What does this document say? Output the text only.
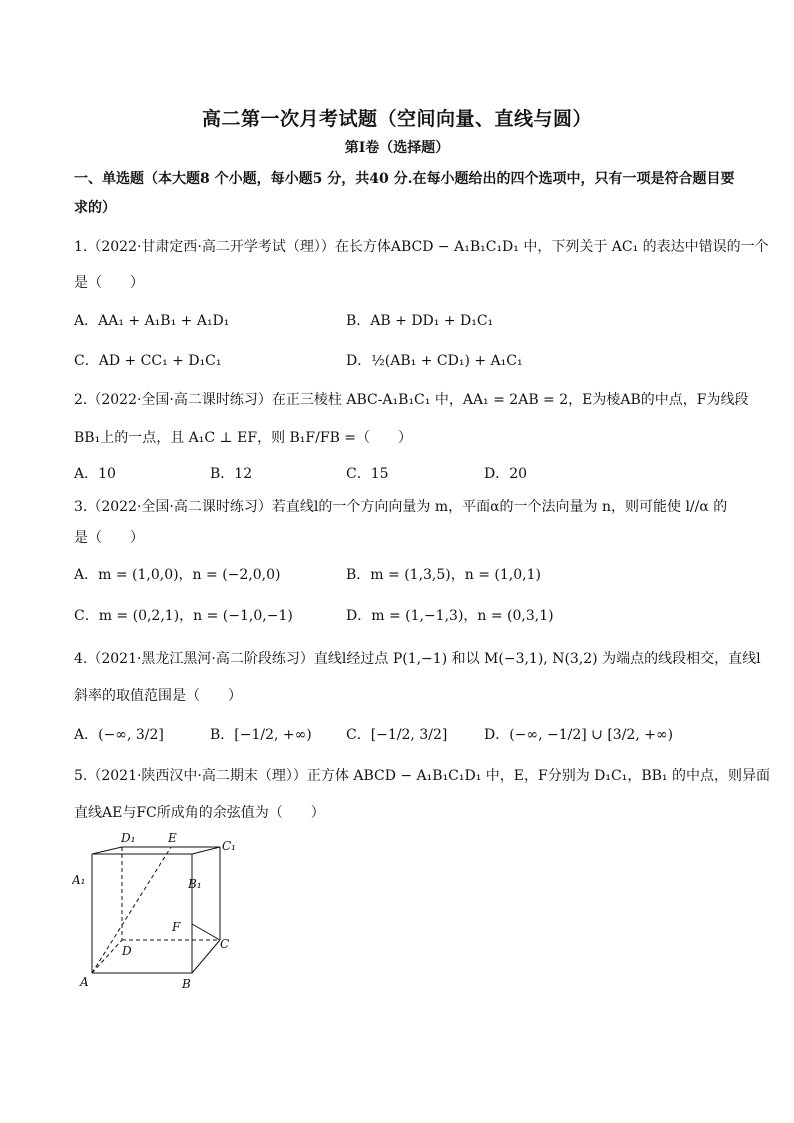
高二第一次月考试题（空间向量、直线与圆）
第I卷（选择题）
一、单选题（本大题8 个小题，每小题5 分，共40 分.在每小题给出的四个选项中，只有一项是符合题目要
求的）
1.（2022·甘肃定西·高二开学考试（理））在长方体ABCD − A₁B₁C₁D₁ 中，下列关于 AC₁ 的表达中错误的一个
是（　　）
A．AA₁ + A₁B₁ + A₁D₁	B．AB + DD₁ + D₁C₁
C．AD + CC₁ + D₁C₁	D．½(AB₁ + CD₁) + A₁C₁
2.（2022·全国·高二课时练习）在正三棱柱 ABC-A₁B₁C₁ 中，AA₁ = 2AB = 2，E为棱AB的中点，F为线段
BB₁上的一点，且 A₁C ⊥ EF，则 B₁F/FB =（　　）
A．10	B．12	C．15	D．20
3.（2022·全国·高二课时练习）若直线l的一个方向向量为 m，平面α的一个法向量为 n，则可能使 l//α 的
是（　　）
A．m = (1,0,0)，n = (−2,0,0)	B．m = (1,3,5)，n = (1,0,1)
C．m = (0,2,1)，n = (−1,0,−1)	D．m = (1,−1,3)，n = (0,3,1)
4.（2021·黑龙江黑河·高二阶段练习）直线l经过点 P(1,−1) 和以 M(−3,1), N(3,2) 为端点的线段相交，直线l
斜率的取值范围是（　　）
A．(−∞, 3/2]	B．[−1/2, +∞) C．[−1/2, 3/2]	D．(−∞, −1/2] ∪ [3/2, +∞)
5.（2021·陕西汉中·高二期末（理））正方体 ABCD − A₁B₁C₁D₁ 中，E，F分别为 D₁C₁，BB₁ 的中点，则异面
直线AE与FC所成角的余弦值为（　　）
D₁	E
C₁
A₁	B₁
F
C
D
A	B
